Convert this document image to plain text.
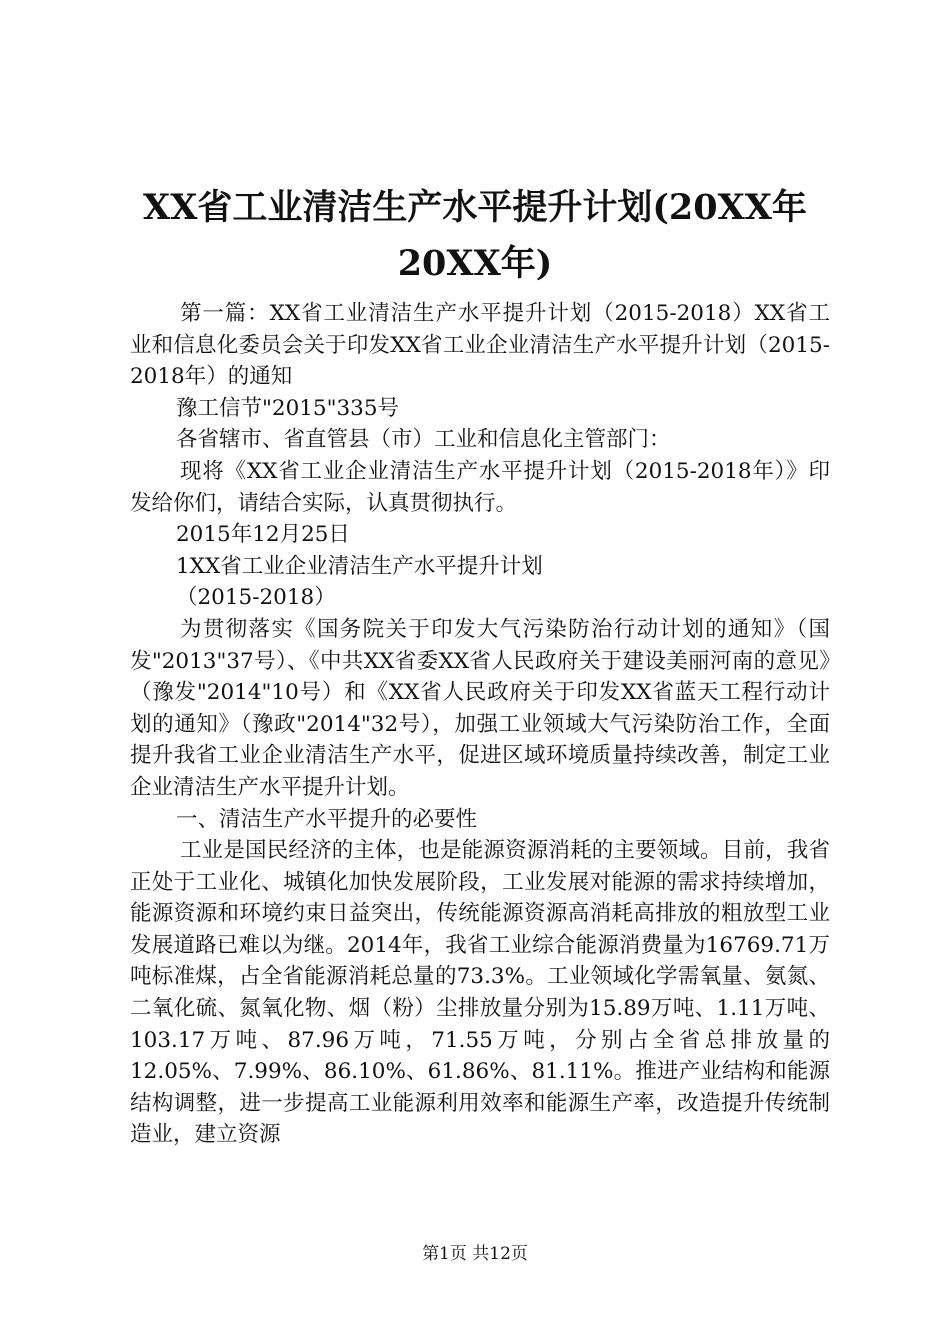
XX省工业清洁生产水平提升计划(20XX年20XX年)

第一篇：XX省工业清洁生产水平提升计划（2015-2018）XX省工业和信息化委员会关于印发XX省工业企业清洁生产水平提升计划（2015-2018年）的通知

豫工信节"2015"335号

各省辖市、省直管县（市）工业和信息化主管部门：

现将《XX省工业企业清洁生产水平提升计划（2015-2018年）》印发给你们，请结合实际，认真贯彻执行。

2015年12月25日

1XX省工业企业清洁生产水平提升计划

（2015-2018）

为贯彻落实《国务院关于印发大气污染防治行动计划的通知》（国发"2013"37号）、《中共XX省委XX省人民政府关于建设美丽河南的意见》（豫发"2014"10号）和《XX省人民政府关于印发XX省蓝天工程行动计划的通知》（豫政"2014"32号），加强工业领域大气污染防治工作，全面提升我省工业企业清洁生产水平，促进区域环境质量持续改善，制定工业企业清洁生产水平提升计划。

一、清洁生产水平提升的必要性

工业是国民经济的主体，也是能源资源消耗的主要领域。目前，我省正处于工业化、城镇化加快发展阶段，工业发展对能源的需求持续增加，能源资源和环境约束日益突出，传统能源资源高消耗高排放的粗放型工业发展道路已难以为继。2014年，我省工业综合能源消费量为16769.71万吨标准煤，占全省能源消耗总量的73.3%。工业领域化学需氧量、氨氮、二氧化硫、氮氧化物、烟（粉）尘排放量分别为15.89万吨、1.11万吨、103.17万吨、87.96万吨，71.55万吨，分别占全省总排放量的12.05%、7.99%、86.10%、61.86%、81.11%。推进产业结构和能源结构调整，进一步提高工业能源利用效率和能源生产率，改造提升传统制造业，建立资源

第1页 共12页
